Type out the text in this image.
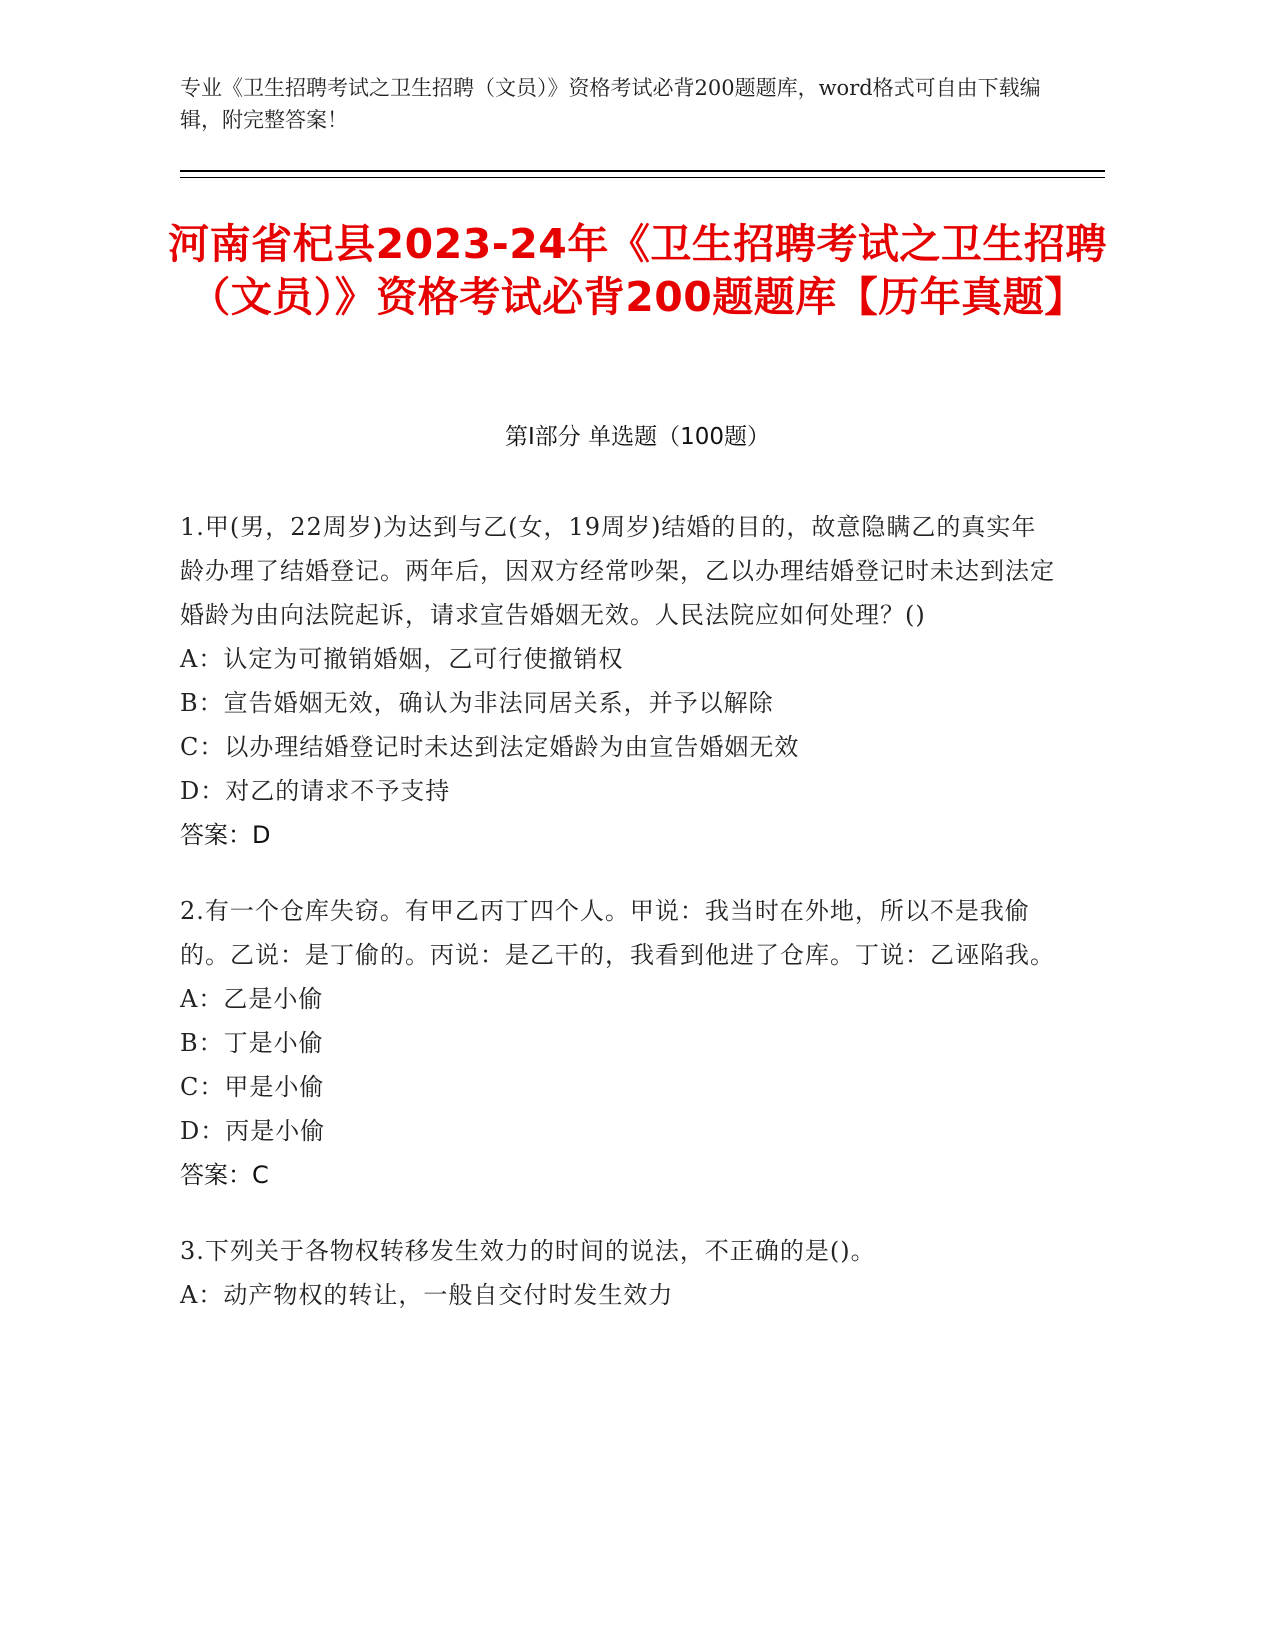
专业《卫生招聘考试之卫生招聘（文员）》资格考试必背200题题库，word格式可自由下载编辑，附完整答案！
河南省杞县2023-24年《卫生招聘考试之卫生招聘（文员）》资格考试必背200题题库【历年真题】
第I部分 单选题（100题）

1.甲(男，22周岁)为达到与乙(女，19周岁)结婚的目的，故意隐瞒乙的真实年龄办理了结婚登记。两年后，因双方经常吵架，乙以办理结婚登记时未达到法定婚龄为由向法院起诉，请求宣告婚姻无效。人民法院应如何处理？()

A：认定为可撤销婚姻，乙可行使撤销权

B：宣告婚姻无效，确认为非法同居关系，并予以解除

C：以办理结婚登记时未达到法定婚龄为由宣告婚姻无效

D：对乙的请求不予支持

答案：D

2.有一个仓库失窃。有甲乙丙丁四个人。甲说：我当时在外地，所以不是我偷的。乙说：是丁偷的。丙说：是乙干的，我看到他进了仓库。丁说：乙诬陷我。

A：乙是小偷

B：丁是小偷

C：甲是小偷

D：丙是小偷

答案：C

3.下列关于各物权转移发生效力的时间的说法，不正确的是()。

A：动产物权的转让，一般自交付时发生效力
